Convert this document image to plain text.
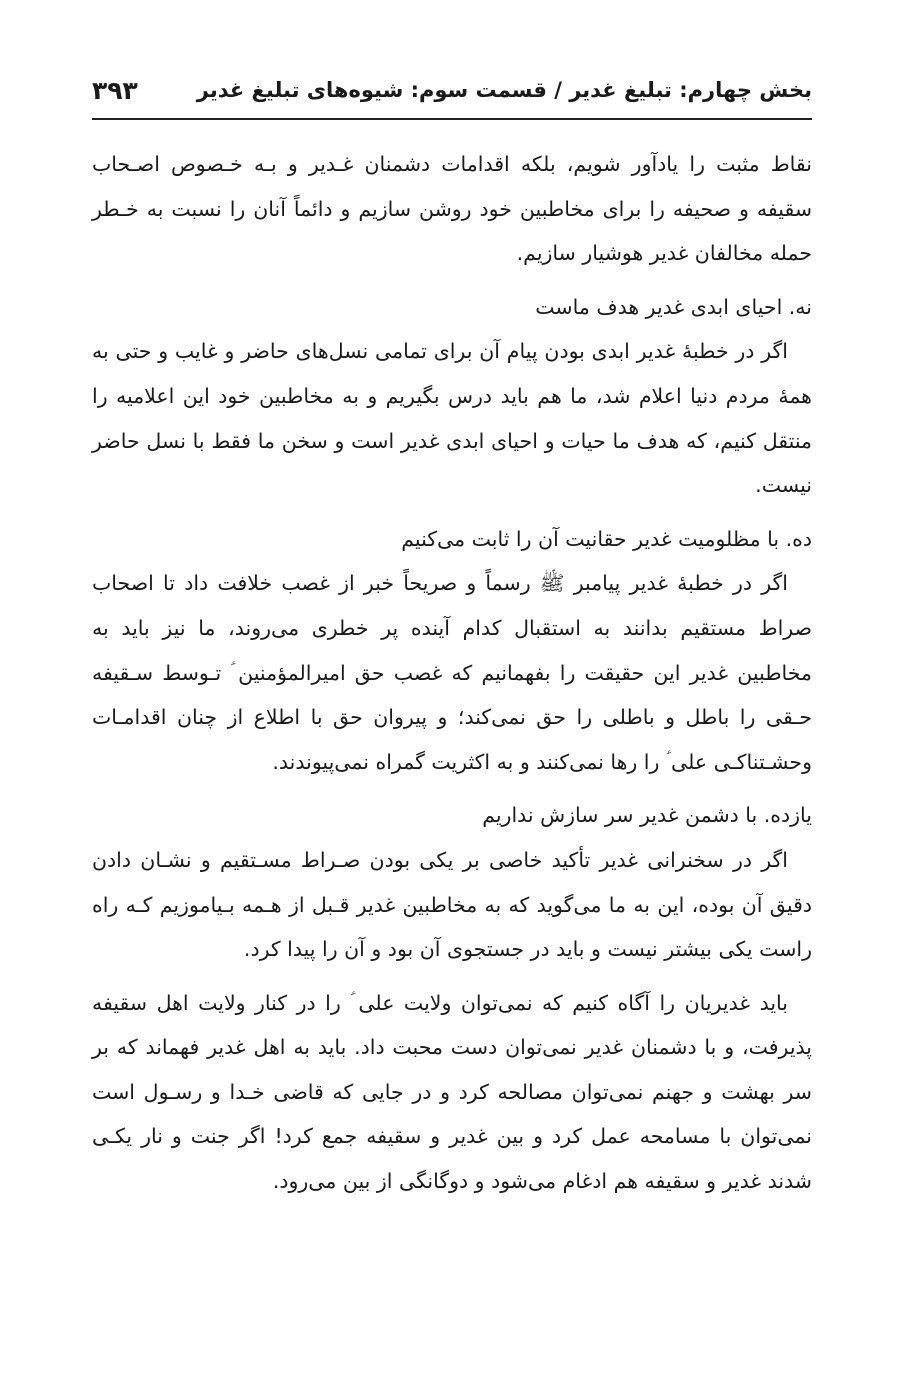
بخش چهارم: تبلیغ غدیر / قسمت سوم: شیوه‌های تبلیغ غدیر
۳۹۳

نقاط مثبت را یادآور شویم، بلکه اقدامات دشمنان غـدیر و بـه خـصوص اصـحاب سقیفه و صحیفه را برای مخاطبین خود روشن سازیم و دائماً آنان را نسبت به خـطر حمله مخالفان غدیر هوشیار سازیم.

نه. احیای ابدی غدیر هدف ماست

اگر در خطبهٔ غدیر ابدی بودن پیام آن برای تمامی نسل‌های حاضر و غایب و حتی به همهٔ مردم دنیا اعلام شد، ما هم باید درس بگیریم و به مخاطبین خود این اعلامیه را منتقل کنیم، که هدف ما حیات و احیای ابدی غدیر است و سخن ما فقط با نسل حاضر نیست.

ده. با مظلومیت غدیر حقانیت آن را ثابت می‌کنیم

اگر در خطبهٔ غدیر پیامبر ﷺ رسماً و صریحاً خبر از غصب خلافت داد تا اصحاب صراط مستقیم بدانند به استقبال کدام آینده پر خطری می‌روند، ما نیز باید به مخاطبین غدیر این حقیقت را بفهمانیم که غصب حق امیرالمؤمنین ؑ تـوسط سـقیفه حـقی را باطل و باطلی را حق نمی‌کند؛ و پیروان حق با اطلاع از چنان اقدامـات وحشـتناکـی علی ؑ را رها نمی‌کنند و به اکثریت گمراه نمی‌پیوندند.

یازده. با دشمن غدیر سر سازش نداریم

اگر در سخنرانی غدیر تأکید خاصی بر یکی بودن صـراط مسـتقیم و نشـان دادن دقیق آن بوده، این به ما می‌گوید که به مخاطبین غدیر قـبل از هـمه بـیاموزیم کـه راه راست یکی بیشتر نیست و باید در جستجوی آن بود و آن را پیدا کرد.

باید غدیریان را آگاه کنیم که نمی‌توان ولایت علی ؑ را در کنار ولایت اهل سقیفه پذیرفت، و با دشمنان غدیر نمی‌توان دست محبت داد. باید به اهل غدیر فهماند که بر سر بهشت و جهنم نمی‌توان مصالحه کرد و در جایی که قاضی خـدا و رسـول است نمی‌توان با مسامحه عمل کرد و بین غدیر و سقیفه جمع کرد! اگر جنت و نار یکـی شدند غدیر و سقیفه هم ادغام می‌شود و دوگانگی از بین می‌رود.
